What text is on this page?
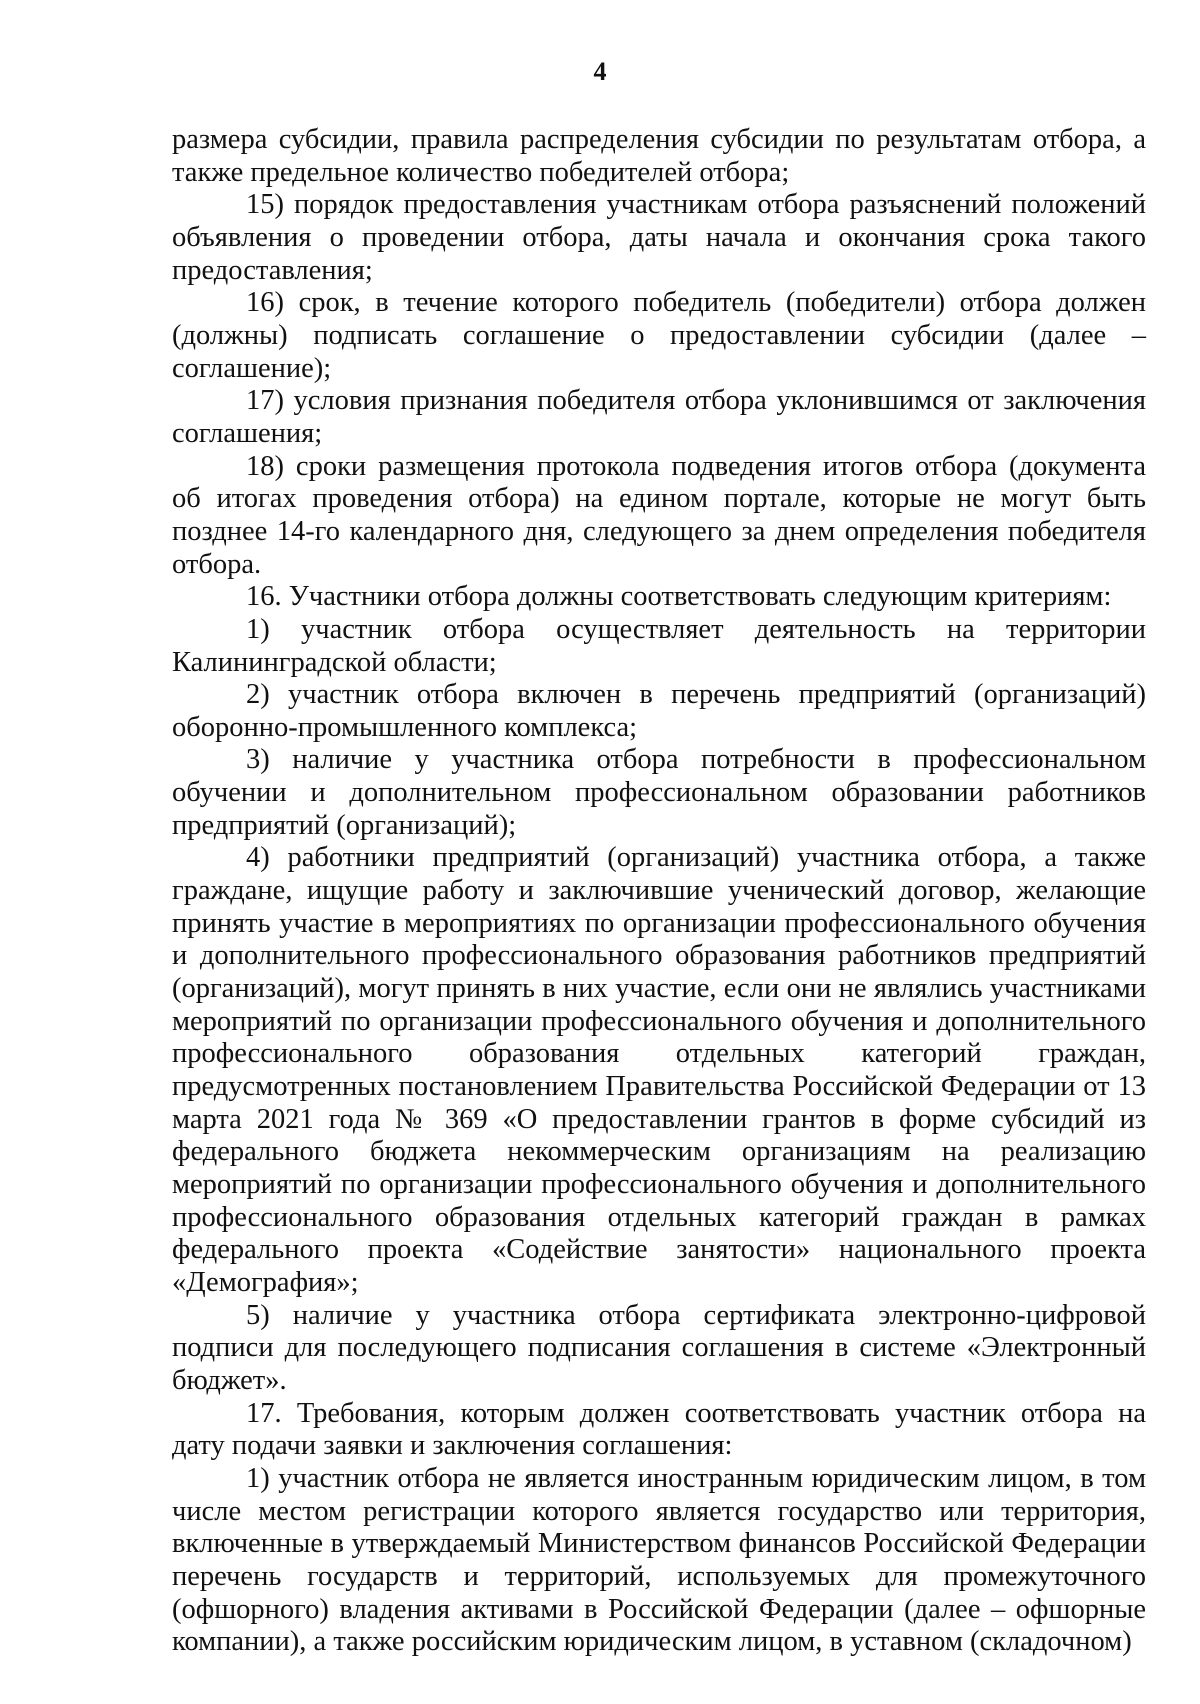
4

размера субсидии, правила распределения субсидии по результатам отбора, а также предельное количество победителей отбора;

15) порядок предоставления участникам отбора разъяснений положений объявления о проведении отбора, даты начала и окончания срока такого предоставления;

16) срок, в течение которого победитель (победители) отбора должен (должны) подписать соглашение о предоставлении субсидии (далее – соглашение);

17) условия признания победителя отбора уклонившимся от заключения соглашения;

18) сроки размещения протокола подведения итогов отбора (документа об итогах проведения отбора) на едином портале, которые не могут быть позднее 14-го календарного дня, следующего за днем определения победителя отбора.

16. Участники отбора должны соответствовать следующим критериям:

1) участник отбора осуществляет деятельность на территории Калининградской области;

2) участник отбора включен в перечень предприятий (организаций) оборонно-промышленного комплекса;

3) наличие у участника отбора потребности в профессиональном обучении и дополнительном профессиональном образовании работников предприятий (организаций);

4) работники предприятий (организаций) участника отбора, а также граждане, ищущие работу и заключившие ученический договор, желающие принять участие в мероприятиях по организации профессионального обучения и дополнительного профессионального образования работников предприятий (организаций), могут принять в них участие, если они не являлись участниками мероприятий по организации профессионального обучения и дополнительного профессионального образования отдельных категорий граждан, предусмотренных постановлением Правительства Российской Федерации от 13 марта 2021 года № 369 «О предоставлении грантов в форме субсидий из федерального бюджета некоммерческим организациям на реализацию мероприятий по организации профессионального обучения и дополнительного профессионального образования отдельных категорий граждан в рамках федерального проекта «Содействие занятости» национального проекта «Демография»;

5) наличие у участника отбора сертификата электронно-цифровой подписи для последующего подписания соглашения в системе «Электронный бюджет».

17. Требования, которым должен соответствовать участник отбора на дату подачи заявки и заключения соглашения:

1) участник отбора не является иностранным юридическим лицом, в том числе местом регистрации которого является государство или территория, включенные в утверждаемый Министерством финансов Российской Федерации перечень государств и территорий, используемых для промежуточного (офшорного) владения активами в Российской Федерации (далее – офшорные компании), а также российским юридическим лицом, в уставном (складочном)
